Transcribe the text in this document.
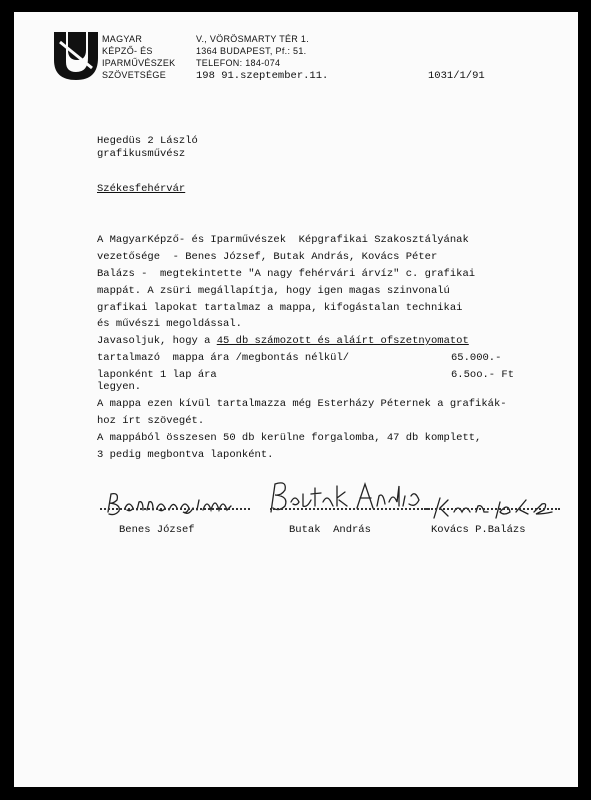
MAGYAR
KÉPZŐ- ÉS
IPARMŰVÉSZEK
SZÖVETSÉGE
V., VÖRÖSMARTY TÉR 1.
1364 BUDAPEST, Pf.: 51.
TELEFON: 184-074
198 91.szeptember.11.	1031/1/91
Hegedüs 2 László
grafikusművész
Székesfehérvár
A MagyarKépző- és Iparművészek  Képgrafikai Szakosztályának
vezetősége  - Benes József, Butak András, Kovács Péter
Balázs -  megtekintette "A nagy fehérvári árvíz" c. grafikai
mappát. A zsüri megállapítja, hogy igen magas szinvonalú
grafikai lapokat tartalmaz a mappa, kifogástalan technikai
és művészi megoldással.
Javasoljuk, hogy a 45 db számozott és aláírt ofszetnyomatot
tartalmazó  mappa ára /megbontás nélkül/	65.000.-
laponként 1 lap ára	6.5oo.- Ft
legyen.
A mappa ezen kívül tartalmazza még Esterházy Péternek a grafikák-
hoz írt szövegét.
A mappából összesen 50 db kerülne forgalomba, 47 db komplett,
3 pedig megbontva laponként.
Benes József	Butak  András	Kovács P.Balázs
